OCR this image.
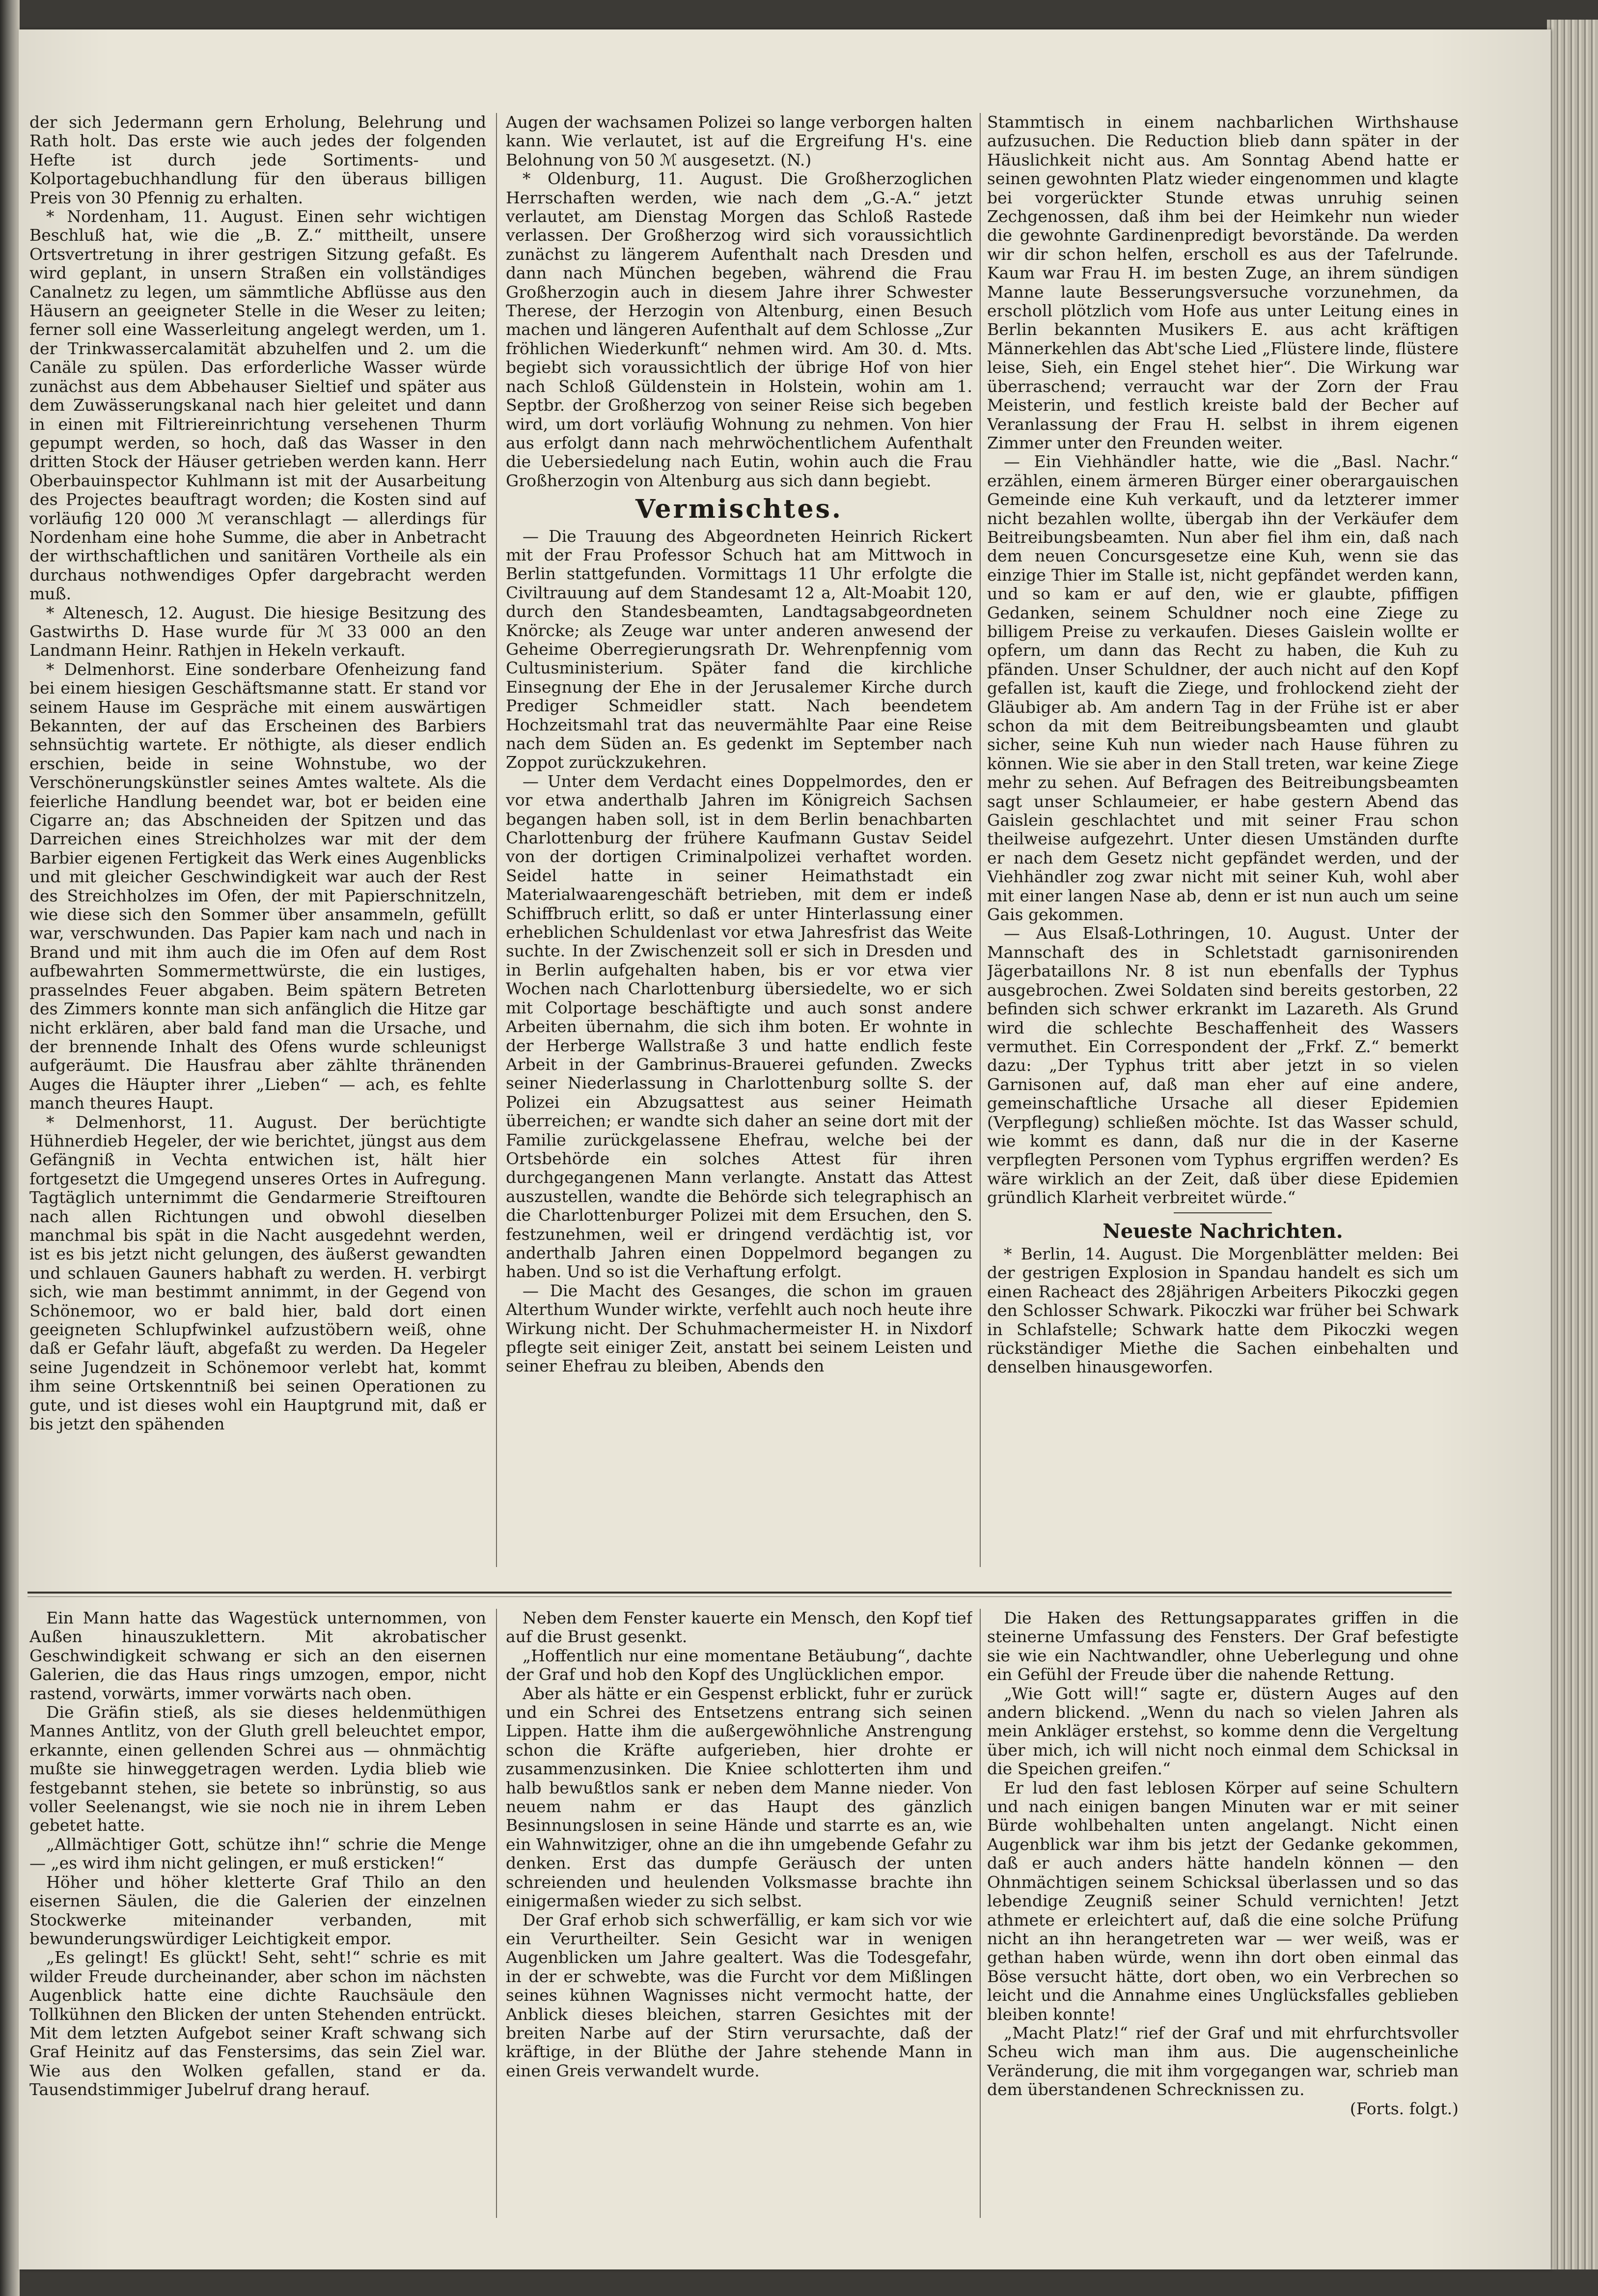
der sich Jedermann gern Erholung, Belehrung und Rath holt. Das erste wie auch jedes der folgenden Hefte ist durch jede Sortiments- und Kolportagebuchhandlung für den überaus billigen Preis von 30 Pfennig zu erhalten.

* Nordenham, 11. August. Einen sehr wichtigen Beschluß hat, wie die „B. Z.“ mittheilt, unsere Ortsvertretung in ihrer gestrigen Sitzung gefaßt. Es wird geplant, in unsern Straßen ein vollständiges Canalnetz zu legen, um sämmtliche Abflüsse aus den Häusern an geeigneter Stelle in die Weser zu leiten; ferner soll eine Wasserleitung angelegt werden, um 1. der Trinkwassercalamität abzuhelfen und 2. um die Canäle zu spülen. Das erforderliche Wasser würde zunächst aus dem Abbehauser Sieltief und später aus dem Zuwässerungskanal nach hier geleitet und dann in einen mit Filtriereinrichtung versehenen Thurm gepumpt werden, so hoch, daß das Wasser in den dritten Stock der Häuser getrieben werden kann. Herr Oberbauinspector Kuhlmann ist mit der Ausarbeitung des Projectes beauftragt worden; die Kosten sind auf vorläufig 120 000 ℳ veranschlagt — allerdings für Nordenham eine hohe Summe, die aber in Anbetracht der wirthschaftlichen und sanitären Vortheile als ein durchaus nothwendiges Opfer dargebracht werden muß.

* Altenesch, 12. August. Die hiesige Besitzung des Gastwirths D. Hase wurde für ℳ 33 000 an den Landmann Heinr. Rathjen in Hekeln verkauft.

* Delmenhorst. Eine sonderbare Ofenheizung fand bei einem hiesigen Geschäftsmanne statt. Er stand vor seinem Hause im Gespräche mit einem auswärtigen Bekannten, der auf das Erscheinen des Barbiers sehnsüchtig wartete. Er nöthigte, als dieser endlich erschien, beide in seine Wohnstube, wo der Verschönerungskünstler seines Amtes waltete. Als die feierliche Handlung beendet war, bot er beiden eine Cigarre an; das Abschneiden der Spitzen und das Darreichen eines Streichholzes war mit der dem Barbier eigenen Fertigkeit das Werk eines Augenblicks und mit gleicher Geschwindigkeit war auch der Rest des Streichholzes im Ofen, der mit Papierschnitzeln, wie diese sich den Sommer über ansammeln, gefüllt war, verschwunden. Das Papier kam nach und nach in Brand und mit ihm auch die im Ofen auf dem Rost aufbewahrten Sommermettwürste, die ein lustiges, prasselndes Feuer abgaben. Beim spätern Betreten des Zimmers konnte man sich anfänglich die Hitze gar nicht erklären, aber bald fand man die Ursache, und der brennende Inhalt des Ofens wurde schleunigst aufgeräumt. Die Hausfrau aber zählte thränenden Auges die Häupter ihrer „Lieben“ — ach, es fehlte manch theures Haupt.

* Delmenhorst, 11. August. Der berüchtigte Hühnerdieb Hegeler, der wie berichtet, jüngst aus dem Gefängniß in Vechta entwichen ist, hält hier fortgesetzt die Umgegend unseres Ortes in Aufregung. Tagtäglich unternimmt die Gendarmerie Streiftouren nach allen Richtungen und obwohl dieselben manchmal bis spät in die Nacht ausgedehnt werden, ist es bis jetzt nicht gelungen, des äußerst gewandten und schlauen Gauners habhaft zu werden. H. verbirgt sich, wie man bestimmt annimmt, in der Gegend von Schönemoor, wo er bald hier, bald dort einen geeigneten Schlupfwinkel aufzustöbern weiß, ohne daß er Gefahr läuft, abgefaßt zu werden. Da Hegeler seine Jugendzeit in Schönemoor verlebt hat, kommt ihm seine Ortskenntniß bei seinen Operationen zu gute, und ist dieses wohl ein Hauptgrund mit, daß er bis jetzt den spähenden

Augen der wachsamen Polizei so lange verborgen halten kann. Wie verlautet, ist auf die Ergreifung H's. eine Belohnung von 50 ℳ ausgesetzt. (N.)

* Oldenburg, 11. August. Die Großherzoglichen Herrschaften werden, wie nach dem „G.-A.“ jetzt verlautet, am Dienstag Morgen das Schloß Rastede verlassen. Der Großherzog wird sich voraussichtlich zunächst zu längerem Aufenthalt nach Dresden und dann nach München begeben, während die Frau Großherzogin auch in diesem Jahre ihrer Schwester Therese, der Herzogin von Altenburg, einen Besuch machen und längeren Aufenthalt auf dem Schlosse „Zur fröhlichen Wiederkunft“ nehmen wird. Am 30. d. Mts. begiebt sich voraussichtlich der übrige Hof von hier nach Schloß Güldenstein in Holstein, wohin am 1. Septbr. der Großherzog von seiner Reise sich begeben wird, um dort vorläufig Wohnung zu nehmen. Von hier aus erfolgt dann nach mehrwöchentlichem Aufenthalt die Uebersiedelung nach Eutin, wohin auch die Frau Großherzogin von Altenburg aus sich dann begiebt.

Vermischtes.

— Die Trauung des Abgeordneten Heinrich Rickert mit der Frau Professor Schuch hat am Mittwoch in Berlin stattgefunden. Vormittags 11 Uhr erfolgte die Civiltrauung auf dem Standesamt 12 a, Alt-Moabit 120, durch den Standesbeamten, Landtagsabgeordneten Knörcke; als Zeuge war unter anderen anwesend der Geheime Oberregierungsrath Dr. Wehrenpfennig vom Cultusministerium. Später fand die kirchliche Einsegnung der Ehe in der Jerusalemer Kirche durch Prediger Schmeidler statt. Nach beendetem Hochzeitsmahl trat das neuvermählte Paar eine Reise nach dem Süden an. Es gedenkt im September nach Zoppot zurückzukehren.

— Unter dem Verdacht eines Doppelmordes, den er vor etwa anderthalb Jahren im Königreich Sachsen begangen haben soll, ist in dem Berlin benachbarten Charlottenburg der frühere Kaufmann Gustav Seidel von der dortigen Criminalpolizei verhaftet worden. Seidel hatte in seiner Heimathstadt ein Materialwaarengeschäft betrieben, mit dem er indeß Schiffbruch erlitt, so daß er unter Hinterlassung einer erheblichen Schuldenlast vor etwa Jahresfrist das Weite suchte. In der Zwischenzeit soll er sich in Dresden und in Berlin aufgehalten haben, bis er vor etwa vier Wochen nach Charlottenburg übersiedelte, wo er sich mit Colportage beschäftigte und auch sonst andere Arbeiten übernahm, die sich ihm boten. Er wohnte in der Herberge Wallstraße 3 und hatte endlich feste Arbeit in der Gambrinus-Brauerei gefunden. Zwecks seiner Niederlassung in Charlottenburg sollte S. der Polizei ein Abzugsattest aus seiner Heimath überreichen; er wandte sich daher an seine dort mit der Familie zurückgelassene Ehefrau, welche bei der Ortsbehörde ein solches Attest für ihren durchgegangenen Mann verlangte. Anstatt das Attest auszustellen, wandte die Behörde sich telegraphisch an die Charlottenburger Polizei mit dem Ersuchen, den S. festzunehmen, weil er dringend verdächtig ist, vor anderthalb Jahren einen Doppelmord begangen zu haben. Und so ist die Verhaftung erfolgt.

— Die Macht des Gesanges, die schon im grauen Alterthum Wunder wirkte, verfehlt auch noch heute ihre Wirkung nicht. Der Schuhmachermeister H. in Nixdorf pflegte seit einiger Zeit, anstatt bei seinem Leisten und seiner Ehefrau zu bleiben, Abends den

Stammtisch in einem nachbarlichen Wirthshause aufzusuchen. Die Reduction blieb dann später in der Häuslichkeit nicht aus. Am Sonntag Abend hatte er seinen gewohnten Platz wieder eingenommen und klagte bei vorgerückter Stunde etwas unruhig seinen Zechgenossen, daß ihm bei der Heimkehr nun wieder die gewohnte Gardinenpredigt bevorstände. Da werden wir dir schon helfen, erscholl es aus der Tafelrunde. Kaum war Frau H. im besten Zuge, an ihrem sündigen Manne laute Besserungsversuche vorzunehmen, da erscholl plötzlich vom Hofe aus unter Leitung eines in Berlin bekannten Musikers E. aus acht kräftigen Männerkehlen das Abt'sche Lied „Flüstere linde, flüstere leise, Sieh, ein Engel stehet hier“. Die Wirkung war überraschend; verraucht war der Zorn der Frau Meisterin, und festlich kreiste bald der Becher auf Veranlassung der Frau H. selbst in ihrem eigenen Zimmer unter den Freunden weiter.

— Ein Viehhändler hatte, wie die „Basl. Nachr.“ erzählen, einem ärmeren Bürger einer oberargauischen Gemeinde eine Kuh verkauft, und da letzterer immer nicht bezahlen wollte, übergab ihn der Verkäufer dem Beitreibungsbeamten. Nun aber fiel ihm ein, daß nach dem neuen Concursgesetze eine Kuh, wenn sie das einzige Thier im Stalle ist, nicht gepfändet werden kann, und so kam er auf den, wie er glaubte, pfiffigen Gedanken, seinem Schuldner noch eine Ziege zu billigem Preise zu verkaufen. Dieses Gaislein wollte er opfern, um dann das Recht zu haben, die Kuh zu pfänden. Unser Schuldner, der auch nicht auf den Kopf gefallen ist, kauft die Ziege, und frohlockend zieht der Gläubiger ab. Am andern Tag in der Frühe ist er aber schon da mit dem Beitreibungsbeamten und glaubt sicher, seine Kuh nun wieder nach Hause führen zu können. Wie sie aber in den Stall treten, war keine Ziege mehr zu sehen. Auf Befragen des Beitreibungsbeamten sagt unser Schlaumeier, er habe gestern Abend das Gaislein geschlachtet und mit seiner Frau schon theilweise aufgezehrt. Unter diesen Umständen durfte er nach dem Gesetz nicht gepfändet werden, und der Viehhändler zog zwar nicht mit seiner Kuh, wohl aber mit einer langen Nase ab, denn er ist nun auch um seine Gais gekommen.

— Aus Elsaß-Lothringen, 10. August. Unter der Mannschaft des in Schletstadt garnisonirenden Jägerbataillons Nr. 8 ist nun ebenfalls der Typhus ausgebrochen. Zwei Soldaten sind bereits gestorben, 22 befinden sich schwer erkrankt im Lazareth. Als Grund wird die schlechte Beschaffenheit des Wassers vermuthet. Ein Correspondent der „Frkf. Z.“ bemerkt dazu: „Der Typhus tritt aber jetzt in so vielen Garnisonen auf, daß man eher auf eine andere, gemeinschaftliche Ursache all dieser Epidemien (Verpflegung) schließen möchte. Ist das Wasser schuld, wie kommt es dann, daß nur die in der Kaserne verpflegten Personen vom Typhus ergriffen werden? Es wäre wirklich an der Zeit, daß über diese Epidemien gründlich Klarheit verbreitet würde.“

Neueste Nachrichten.

* Berlin, 14. August. Die Morgenblätter melden: Bei der gestrigen Explosion in Spandau handelt es sich um einen Racheact des 28jährigen Arbeiters Pikoczki gegen den Schlosser Schwark. Pikoczki war früher bei Schwark in Schlafstelle; Schwark hatte dem Pikoczki wegen rückständiger Miethe die Sachen einbehalten und denselben hinausgeworfen.

Ein Mann hatte das Wagestück unternommen, von Außen hinauszuklettern. Mit akrobatischer Geschwindigkeit schwang er sich an den eisernen Galerien, die das Haus rings umzogen, empor, nicht rastend, vorwärts, immer vorwärts nach oben.

Die Gräfin stieß, als sie dieses heldenmüthigen Mannes Antlitz, von der Gluth grell beleuchtet empor, erkannte, einen gellenden Schrei aus — ohnmächtig mußte sie hinweggetragen werden. Lydia blieb wie festgebannt stehen, sie betete so inbrünstig, so aus voller Seelenangst, wie sie noch nie in ihrem Leben gebetet hatte.

„Allmächtiger Gott, schütze ihn!“ schrie die Menge — „es wird ihm nicht gelingen, er muß ersticken!“

Höher und höher kletterte Graf Thilo an den eisernen Säulen, die die Galerien der einzelnen Stockwerke miteinander verbanden, mit bewunderungswürdiger Leichtigkeit empor.

„Es gelingt! Es glückt! Seht, seht!“ schrie es mit wilder Freude durcheinander, aber schon im nächsten Augenblick hatte eine dichte Rauchsäule den Tollkühnen den Blicken der unten Stehenden entrückt. Mit dem letzten Aufgebot seiner Kraft schwang sich Graf Heinitz auf das Fenstersims, das sein Ziel war. Wie aus den Wolken gefallen, stand er da. Tausendstimmiger Jubelruf drang herauf.

Neben dem Fenster kauerte ein Mensch, den Kopf tief auf die Brust gesenkt.

„Hoffentlich nur eine momentane Betäubung“, dachte der Graf und hob den Kopf des Unglücklichen empor.

Aber als hätte er ein Gespenst erblickt, fuhr er zurück und ein Schrei des Entsetzens entrang sich seinen Lippen. Hatte ihm die außergewöhnliche Anstrengung schon die Kräfte aufgerieben, hier drohte er zusammenzusinken. Die Kniee schlotterten ihm und halb bewußtlos sank er neben dem Manne nieder. Von neuem nahm er das Haupt des gänzlich Besinnungslosen in seine Hände und starrte es an, wie ein Wahnwitziger, ohne an die ihn umgebende Gefahr zu denken. Erst das dumpfe Geräusch der unten schreienden und heulenden Volksmasse brachte ihn einigermaßen wieder zu sich selbst.

Der Graf erhob sich schwerfällig, er kam sich vor wie ein Verurtheilter. Sein Gesicht war in wenigen Augenblicken um Jahre gealtert. Was die Todesgefahr, in der er schwebte, was die Furcht vor dem Mißlingen seines kühnen Wagnisses nicht vermocht hatte, der Anblick dieses bleichen, starren Gesichtes mit der breiten Narbe auf der Stirn verursachte, daß der kräftige, in der Blüthe der Jahre stehende Mann in einen Greis verwandelt wurde.

Die Haken des Rettungsapparates griffen in die steinerne Umfassung des Fensters. Der Graf befestigte sie wie ein Nachtwandler, ohne Ueberlegung und ohne ein Gefühl der Freude über die nahende Rettung.

„Wie Gott will!“ sagte er, düstern Auges auf den andern blickend. „Wenn du nach so vielen Jahren als mein Ankläger erstehst, so komme denn die Vergeltung über mich, ich will nicht noch einmal dem Schicksal in die Speichen greifen.“

Er lud den fast leblosen Körper auf seine Schultern und nach einigen bangen Minuten war er mit seiner Bürde wohlbehalten unten angelangt. Nicht einen Augenblick war ihm bis jetzt der Gedanke gekommen, daß er auch anders hätte handeln können — den Ohnmächtigen seinem Schicksal überlassen und so das lebendige Zeugniß seiner Schuld vernichten! Jetzt athmete er erleichtert auf, daß die eine solche Prüfung nicht an ihn herangetreten war — wer weiß, was er gethan haben würde, wenn ihn dort oben einmal das Böse versucht hätte, dort oben, wo ein Verbrechen so leicht und die Annahme eines Unglücksfalles geblieben bleiben konnte!

„Macht Platz!“ rief der Graf und mit ehrfurchtsvoller Scheu wich man ihm aus. Die augenscheinliche Veränderung, die mit ihm vorgegangen war, schrieb man dem überstandenen Schrecknissen zu.

(Forts. folgt.)
